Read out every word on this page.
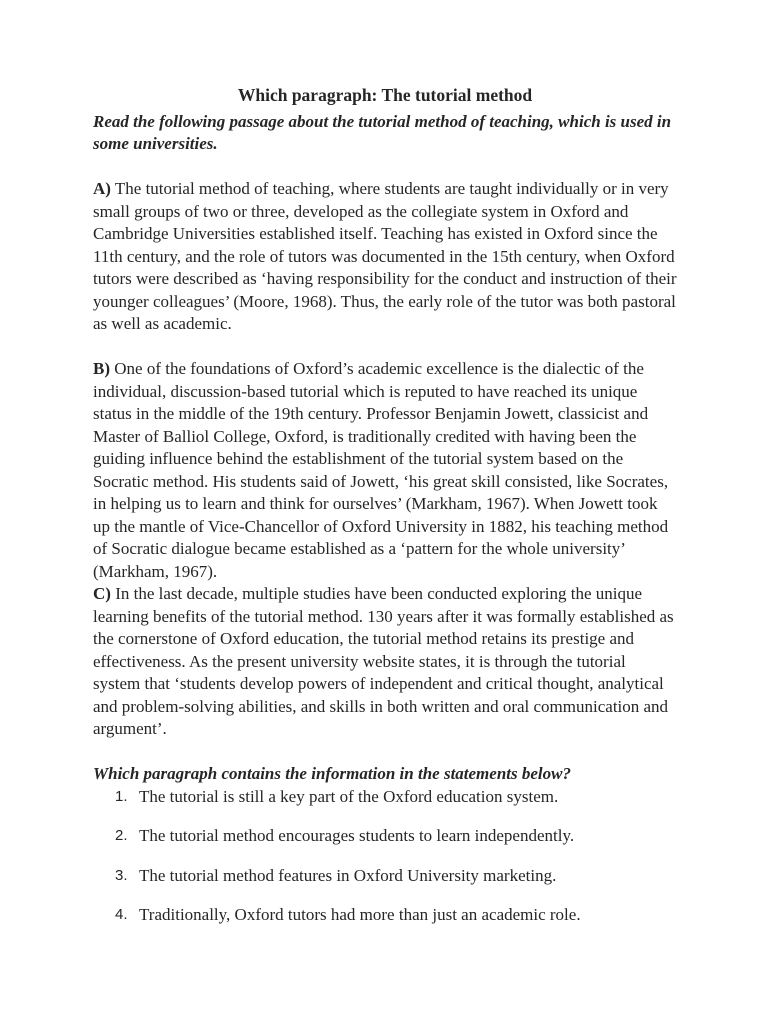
Which paragraph: The tutorial method

Read the following passage about the tutorial method of teaching, which is used in some universities.

A) The tutorial method of teaching, where students are taught individually or in very small groups of two or three, developed as the collegiate system in Oxford and Cambridge Universities established itself. Teaching has existed in Oxford since the 11th century, and the role of tutors was documented in the 15th century, when Oxford tutors were described as ‘having responsibility for the conduct and instruction of their younger colleagues’ (Moore, 1968). Thus, the early role of the tutor was both pastoral as well as academic.

B) One of the foundations of Oxford’s academic excellence is the dialectic of the individual, discussion-based tutorial which is reputed to have reached its unique status in the middle of the 19th century. Professor Benjamin Jowett, classicist and Master of Balliol College, Oxford, is traditionally credited with having been the guiding influence behind the establishment of the tutorial system based on the Socratic method. His students said of Jowett, ‘his great skill consisted, like Socrates, in helping us to learn and think for ourselves’ (Markham, 1967). When Jowett took up the mantle of Vice-Chancellor of Oxford University in 1882, his teaching method of Socratic dialogue became established as a ‘pattern for the whole university’ (Markham, 1967).

C) In the last decade, multiple studies have been conducted exploring the unique learning benefits of the tutorial method. 130 years after it was formally established as the cornerstone of Oxford education, the tutorial method retains its prestige and effectiveness. As the present university website states, it is through the tutorial system that ‘students develop powers of independent and critical thought, analytical and problem-solving abilities, and skills in both written and oral communication and argument’.

Which paragraph contains the information in the statements below?

1. The tutorial is still a key part of the Oxford education system.
2. The tutorial method encourages students to learn independently.
3. The tutorial method features in Oxford University marketing.
4. Traditionally, Oxford tutors had more than just an academic role.
